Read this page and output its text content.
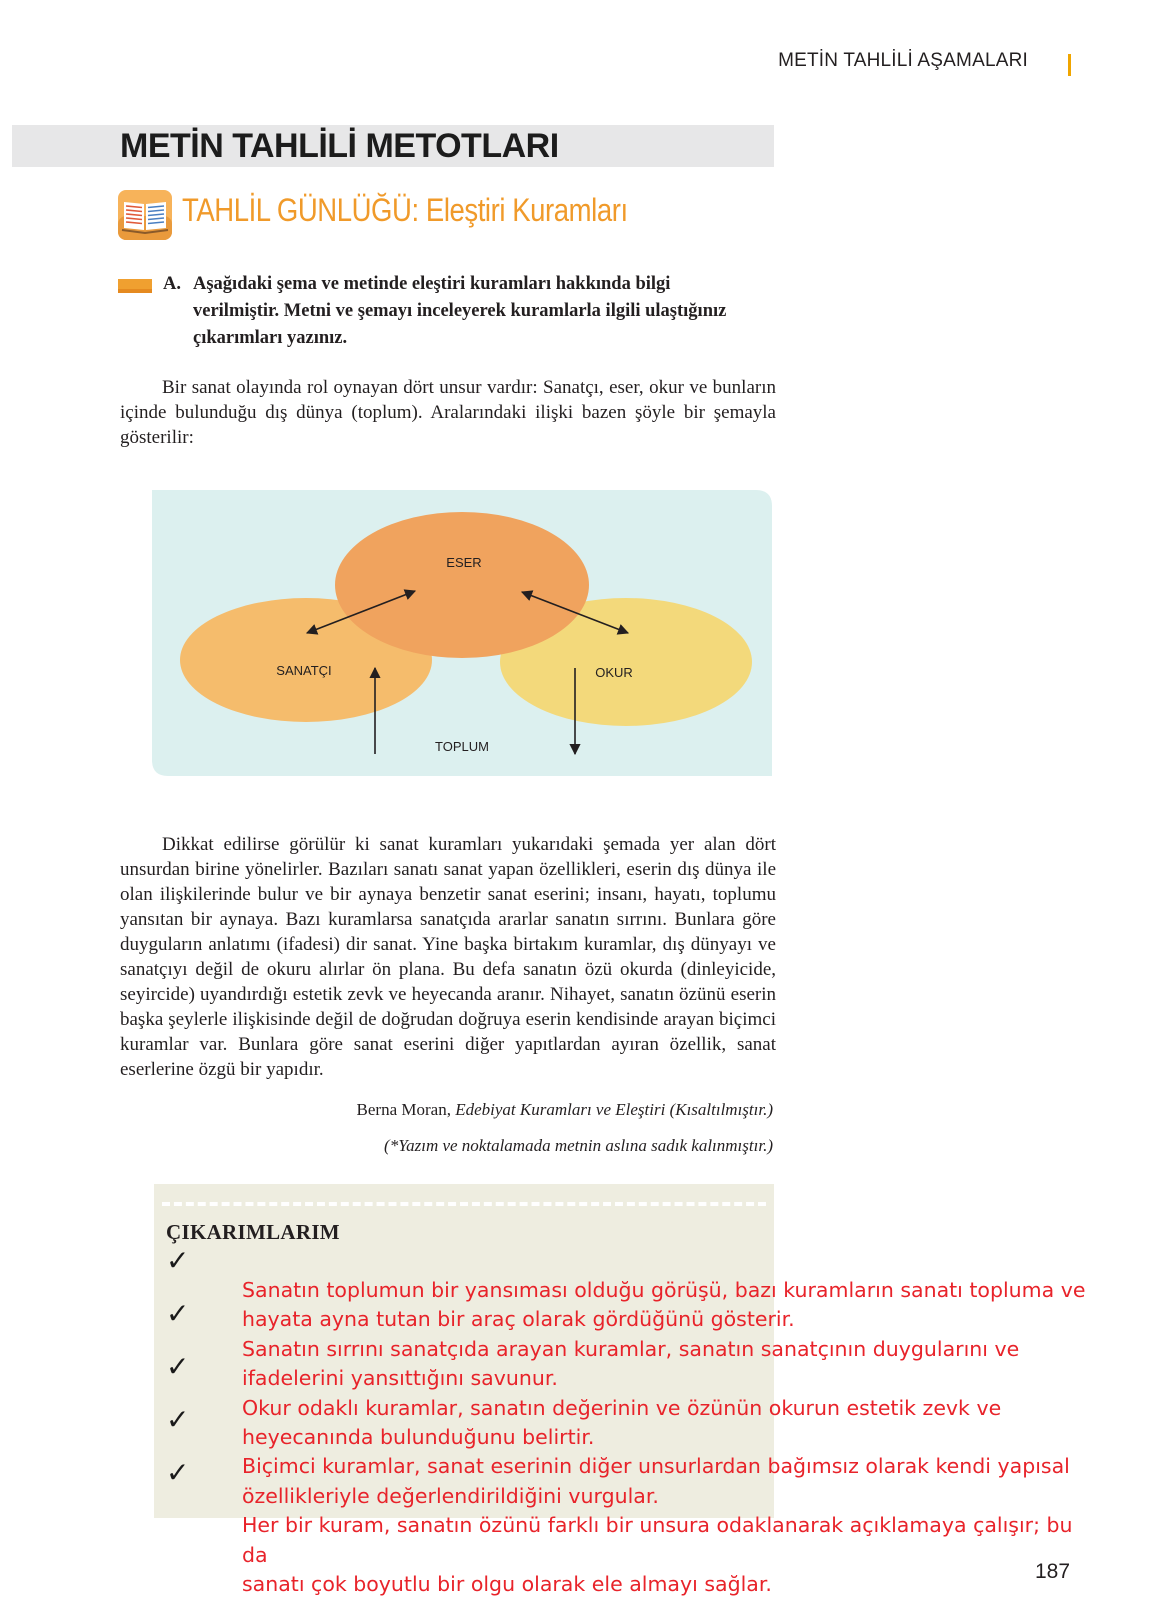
METİN TAHLİLİ AŞAMALARI
METİN TAHLİLİ METOTLARI
TAHLİL GÜNLÜĞÜ: Eleştiri Kuramları
A. Aşağıdaki şema ve metinde eleştiri kuramları hakkında bilgi verilmiştir. Metni ve şemayı inceleyerek kuramlarla ilgili ulaştığınız çıkarımları yazınız.

Bir sanat olayında rol oynayan dört unsur vardır: Sanatçı, eser, okur ve bunların içinde bulunduğu dış dünya (toplum). Aralarındaki ilişki bazen şöyle bir şemayla gösterilir:

ESER
SANATÇI	OKUR
TOPLUM

Dikkat edilirse görülür ki sanat kuramları yukarıdaki şemada yer alan dört unsurdan birine yönelirler. Bazıları sanatı sanat yapan özellikleri, eserin dış dünya ile olan ilişkilerinde bulur ve bir aynaya benzetir sanat eserini; insanı, hayatı, toplumu yansıtan bir aynaya. Bazı kuramlarsa sanatçıda ararlar sanatın sırrını. Bunlara göre duyguların anlatımı (ifadesi) dir sanat. Yine başka birtakım kuramlar, dış dünyayı ve sanatçıyı değil de okuru alırlar ön plana. Bu defa sanatın özü okurda (dinleyicide, seyircide) uyandırdığı estetik zevk ve heyecanda aranır. Nihayet, sanatın özünü eserin başka şeylerle ilişkisinde değil de doğrudan doğruya eserin kendisinde arayan biçimci kuramlar var. Bunlara göre sanat eserini diğer yapıtlardan ayıran özellik, sanat eserlerine özgü bir yapıdır.

Berna Moran, Edebiyat Kuramları ve Eleştiri (Kısaltılmıştır.)
(*Yazım ve noktalamada metnin aslına sadık kalınmıştır.)
ÇIKARIMLARIM
✓
✓
✓
✓
✓
Sanatın toplumun bir yansıması olduğu görüşü, bazı kuramların sanatı topluma ve
hayata ayna tutan bir araç olarak gördüğünü gösterir.
Sanatın sırrını sanatçıda arayan kuramlar, sanatın sanatçının duygularını ve
ifadelerini yansıttığını savunur.
Okur odaklı kuramlar, sanatın değerinin ve özünün okurun estetik zevk ve
heyecanında bulunduğunu belirtir.
Biçimci kuramlar, sanat eserinin diğer unsurlardan bağımsız olarak kendi yapısal
özellikleriyle değerlendirildiğini vurgular.
Her bir kuram, sanatın özünü farklı bir unsura odaklanarak açıklamaya çalışır; bu da
sanatı çok boyutlu bir olgu olarak ele almayı sağlar.
187
